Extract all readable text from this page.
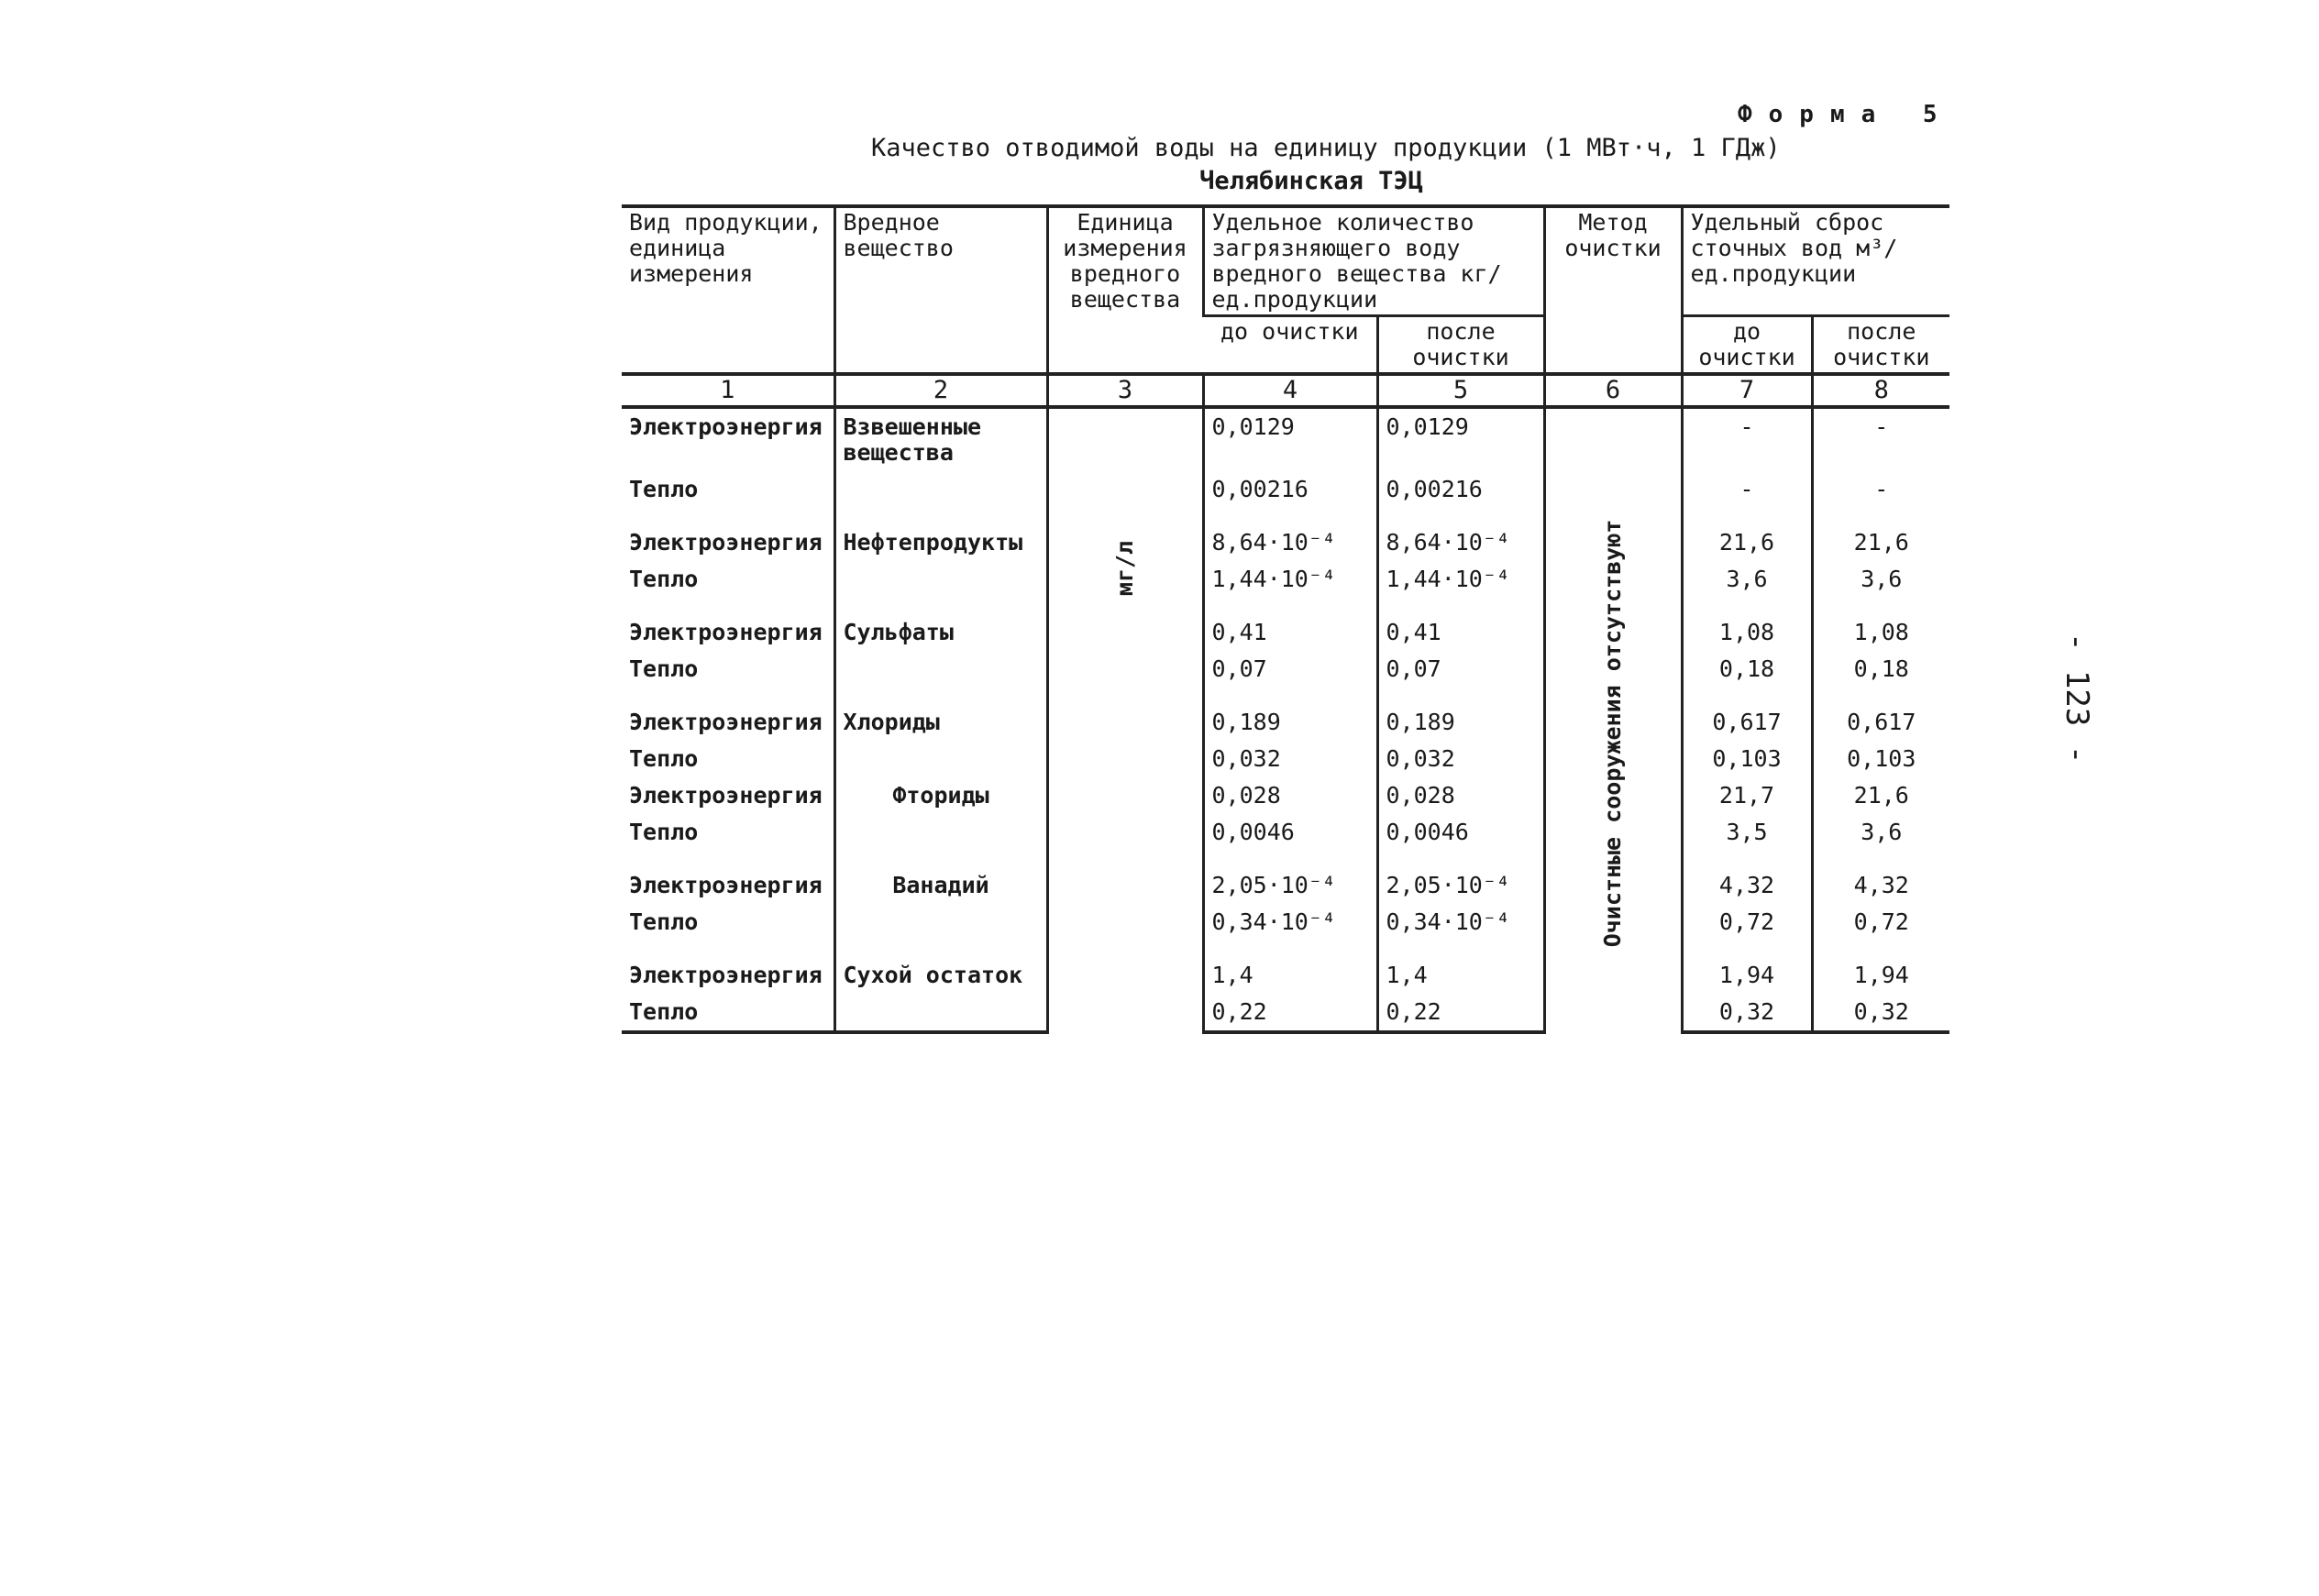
Форма 5
Качество отводимой воды на единицу продукции (1 МВт·ч, 1 ГДж)
Челябинская ТЭЦ
- 123 -
Вид продукции, единица измерения	Вредное вещество	Единица измерения вредного вещества	Удельное количество загрязняющего воду вредного вещества кг/ед.продукции		Метод очистки	Удельный сброс сточных вод м³/ед.продукции	
			до очистки	после очистки		до очистки	после очистки
1	2	3	4	5	6	7	8
Электроэнергия	Взвешенные вещества	мг/л	0,0129	0,0129	Очистные сооружения отсутствуют	-	-
Тепло			0,00216	0,00216		-	-
Электроэнергия	Нефтепродукты		8,64·10⁻⁴	8,64·10⁻⁴		21,6	21,6
Тепло			1,44·10⁻⁴	1,44·10⁻⁴		3,6	3,6
Электроэнергия	Сульфаты		0,41	0,41		1,08	1,08
Тепло			0,07	0,07		0,18	0,18
Электроэнергия	Хлориды		0,189	0,189		0,617	0,617
Тепло			0,032	0,032		0,103	0,103
Электроэнергия	Фториды		0,028	0,028		21,7	21,6
Тепло			0,0046	0,0046		3,5	3,6
Электроэнергия	Ванадий		2,05·10⁻⁴	2,05·10⁻⁴		4,32	4,32
Тепло			0,34·10⁻⁴	0,34·10⁻⁴		0,72	0,72
Электроэнергия	Сухой остаток		1,4	1,4		1,94	1,94
Тепло			0,22	0,22		0,32	0,32
